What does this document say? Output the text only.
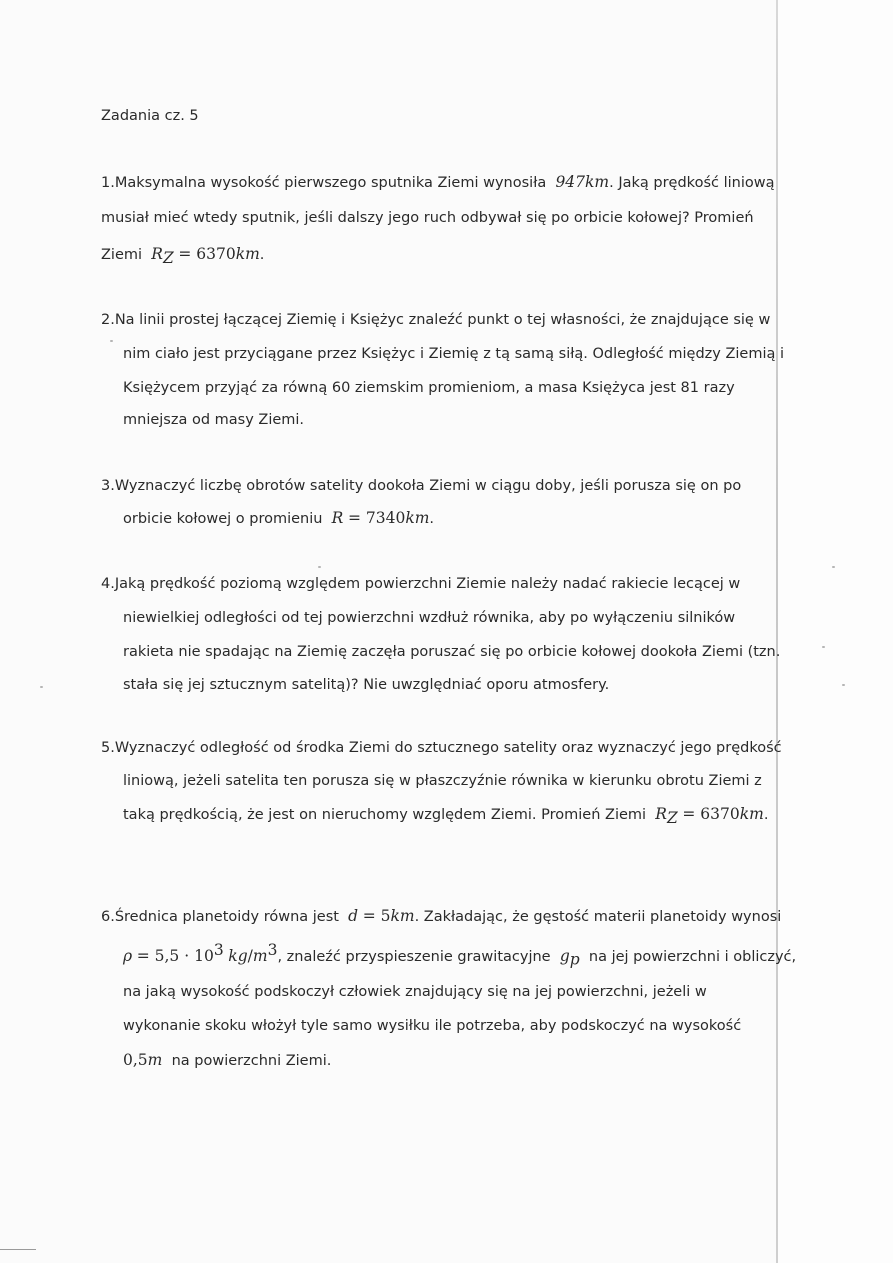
Zadania cz. 5
1.Maksymalna wysokość pierwszego sputnika Ziemi wynosiła 947km. Jaką prędkość liniową
musiał mieć wtedy sputnik, jeśli dalszy jego ruch odbywał się po orbicie kołowej? Promień
Ziemi $R_Z = 6370km$.
2.Na linii prostej łączącej Ziemię i Księżyc znaleźć punkt o tej własności, że znajdujące się w
nim ciało jest przyciągane przez Księżyc i Ziemię z tą samą siłą. Odległość między Ziemią i
Księżycem przyjąć za równą 60 ziemskim promieniom, a masa Księżyca jest 81 razy
mniejsza od masy Ziemi.
3.Wyznaczyć liczbę obrotów satelity dookoła Ziemi w ciągu doby, jeśli porusza się on po
orbicie kołowej o promieniu R = 7340km.
4.Jaką prędkość poziomą względem powierzchni Ziemie należy nadać rakiecie lecącej w
niewielkiej odległości od tej powierzchni wzdłuż równika, aby po wyłączeniu silników
rakieta nie spadając na Ziemię zaczęła poruszać się po orbicie kołowej dookoła Ziemi (tzn.
stała się jej sztucznym satelitą)? Nie uwzględniać oporu atmosfery.
5.Wyznaczyć odległość od środka Ziemi do sztucznego satelity oraz wyznaczyć jego prędkość
liniową, jeżeli satelita ten porusza się w płaszczyźnie równika w kierunku obrotu Ziemi z
taką prędkością, że jest on nieruchomy względem Ziemi. Promień Ziemi $R_Z = 6370km$.
6.Średnica planetoidy równa jest d = 5km. Zakładając, że gęstość materii planetoidy wynosi
$\rho = 5,5 \cdot 10^3$ $kg/m^3$, znaleźć przyspieszenie grawitacyjne $g_p$ na jej powierzchni i obliczyć,
na jaką wysokość podskoczył człowiek znajdujący się na jej powierzchni, jeżeli w
wykonanie skoku włożył tyle samo wysiłku ile potrzeba, aby podskoczyć na wysokość
0,5m na powierzchni Ziemi.
